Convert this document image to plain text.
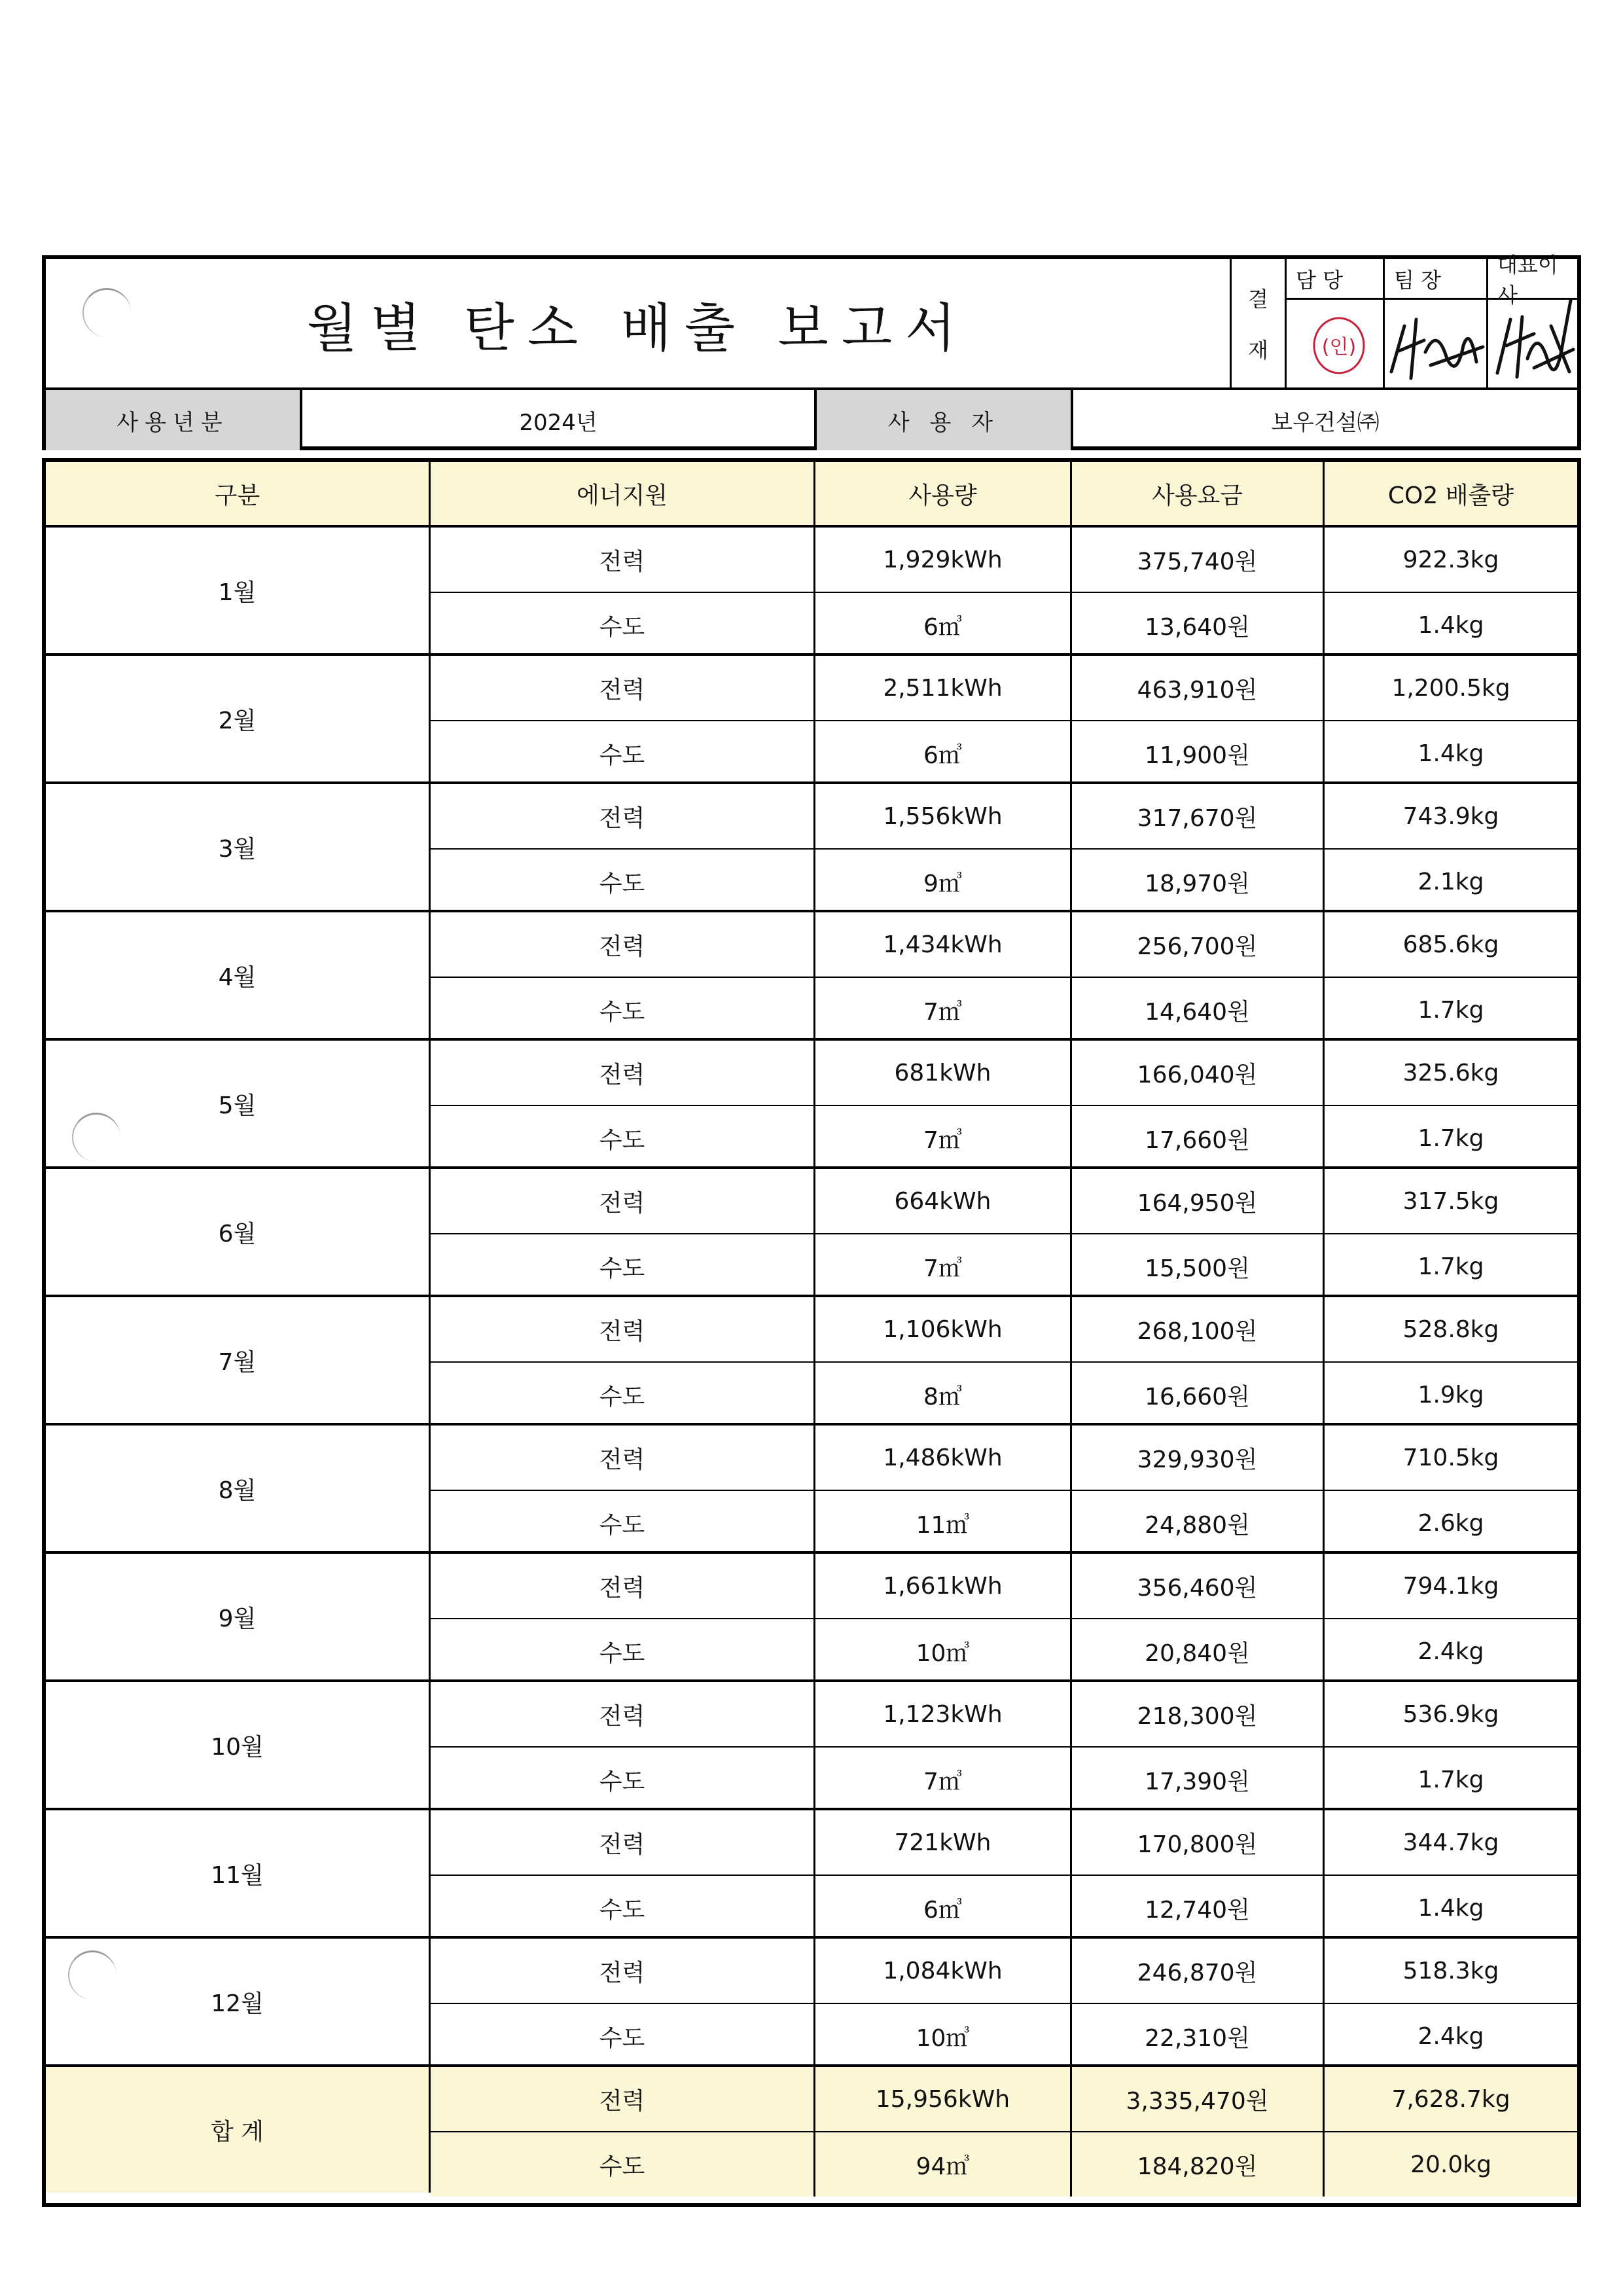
월별 탄소 배출 보고서	결
재
담 당
(인)
팀 장
대표이사
사용년분	2024년	사 용 자	보우건설㈜
구분	에너지원	사용량	사용요금	CO2 배출량
1월
전력	1,929kWh	375,740원	922.3kg
수도	6㎥	13,640원	1.4kg
2월
전력	2,511kWh	463,910원	1,200.5kg
수도	6㎥	11,900원	1.4kg
3월
전력	1,556kWh	317,670원	743.9kg
수도	9㎥	18,970원	2.1kg
4월
전력	1,434kWh	256,700원	685.6kg
수도	7㎥	14,640원	1.7kg
5월
전력	681kWh	166,040원	325.6kg
수도	7㎥	17,660원	1.7kg
6월
전력	664kWh	164,950원	317.5kg
수도	7㎥	15,500원	1.7kg
7월
전력	1,106kWh	268,100원	528.8kg
수도	8㎥	16,660원	1.9kg
8월
전력	1,486kWh	329,930원	710.5kg
수도	11㎥	24,880원	2.6kg
9월
전력	1,661kWh	356,460원	794.1kg
수도	10㎥	20,840원	2.4kg
10월
전력	1,123kWh	218,300원	536.9kg
수도	7㎥	17,390원	1.7kg
11월
전력	721kWh	170,800원	344.7kg
수도	6㎥	12,740원	1.4kg
12월
전력	1,084kWh	246,870원	518.3kg
수도	10㎥	22,310원	2.4kg
합 계
전력	15,956kWh	3,335,470원	7,628.7kg
수도	94㎥	184,820원	20.0kg
